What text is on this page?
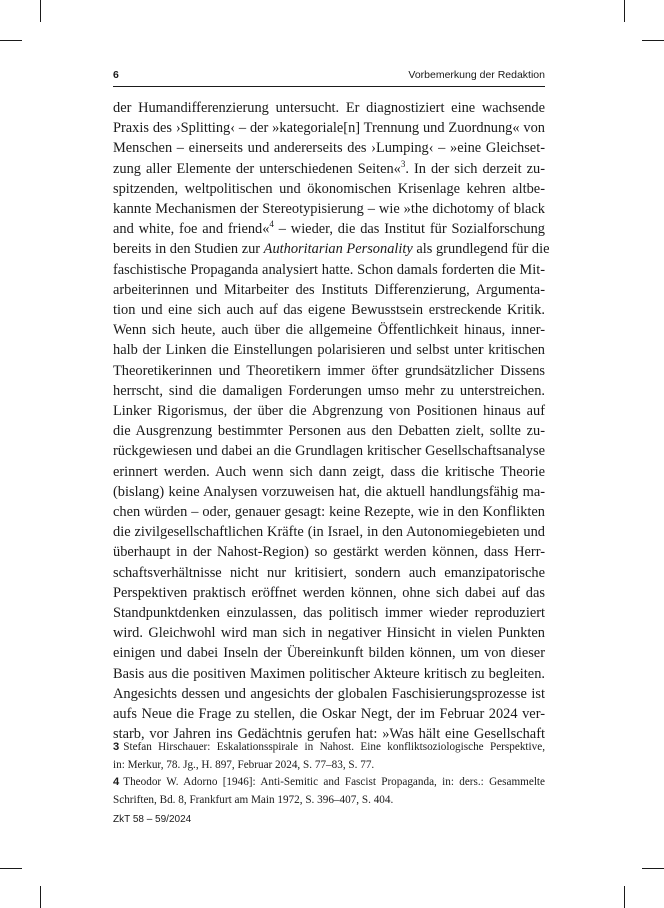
6	Vorbemerkung der Redaktion
der Humandifferenzierung untersucht. Er diagnostiziert eine wachsende
Praxis des ›Splitting‹ – der »kategoriale[n] Trennung und Zuordnung« von
Menschen – einerseits und andererseits des ›Lumping‹ – »eine Gleichset-
zung aller Elemente der unterschiedenen Seiten«$^3$. In der sich derzeit zu-
spitzenden, weltpolitischen und ökonomischen Krisenlage kehren altbe-
kannte Mechanismen der Stereotypisierung – wie »the dichotomy of black
and white, foe and friend«$^4$ – wieder, die das Institut für Sozialforschung
bereits in den Studien zur Authoritarian Personality als grundlegend für die
faschistische Propaganda analysiert hatte. Schon damals forderten die Mit-
arbeiterinnen und Mitarbeiter des Instituts Differenzierung, Argumenta-
tion und eine sich auch auf das eigene Bewusstsein erstreckende Kritik.
Wenn sich heute, auch über die allgemeine Öffentlichkeit hinaus, inner-
halb der Linken die Einstellungen polarisieren und selbst unter kritischen
Theoretikerinnen und Theoretikern immer öfter grundsätzlicher Dissens
herrscht, sind die damaligen Forderungen umso mehr zu unterstreichen.
Linker Rigorismus, der über die Abgrenzung von Positionen hinaus auf
die Ausgrenzung bestimmter Personen aus den Debatten zielt, sollte zu-
rückgewiesen und dabei an die Grundlagen kritischer Gesellschaftsanalyse
erinnert werden. Auch wenn sich dann zeigt, dass die kritische Theorie
(bislang) keine Analysen vorzuweisen hat, die aktuell handlungsfähig ma-
chen würden – oder, genauer gesagt: keine Rezepte, wie in den Konflikten
die zivilgesellschaftlichen Kräfte (in Israel, in den Autonomiegebieten und
überhaupt in der Nahost-Region) so gestärkt werden können, dass Herr-
schaftsverhältnisse nicht nur kritisiert, sondern auch emanzipatorische
Perspektiven praktisch eröffnet werden können, ohne sich dabei auf das
Standpunktdenken einzulassen, das politisch immer wieder reproduziert
wird. Gleichwohl wird man sich in negativer Hinsicht in vielen Punkten
einigen und dabei Inseln der Übereinkunft bilden können, um von dieser
Basis aus die positiven Maximen politischer Akteure kritisch zu begleiten.
Angesichts dessen und angesichts der globalen Faschisierungsprozesse ist
aufs Neue die Frage zu stellen, die Oskar Negt, der im Februar 2024 ver-
starb, vor Jahren ins Gedächtnis gerufen hat: »Was hält eine Gesellschaft
3 Stefan Hirschauer: Eskalationsspirale in Nahost. Eine konfliktsoziologische Perspektive,
in: Merkur, 78. Jg., H. 897, Februar 2024, S. 77–83, S. 77.
4 Theodor W. Adorno [1946]: Anti-Semitic and Fascist Propaganda, in: ders.: Gesammelte
Schriften, Bd. 8, Frankfurt am Main 1972, S. 396–407, S. 404.
ZkT 58 – 59/2024
